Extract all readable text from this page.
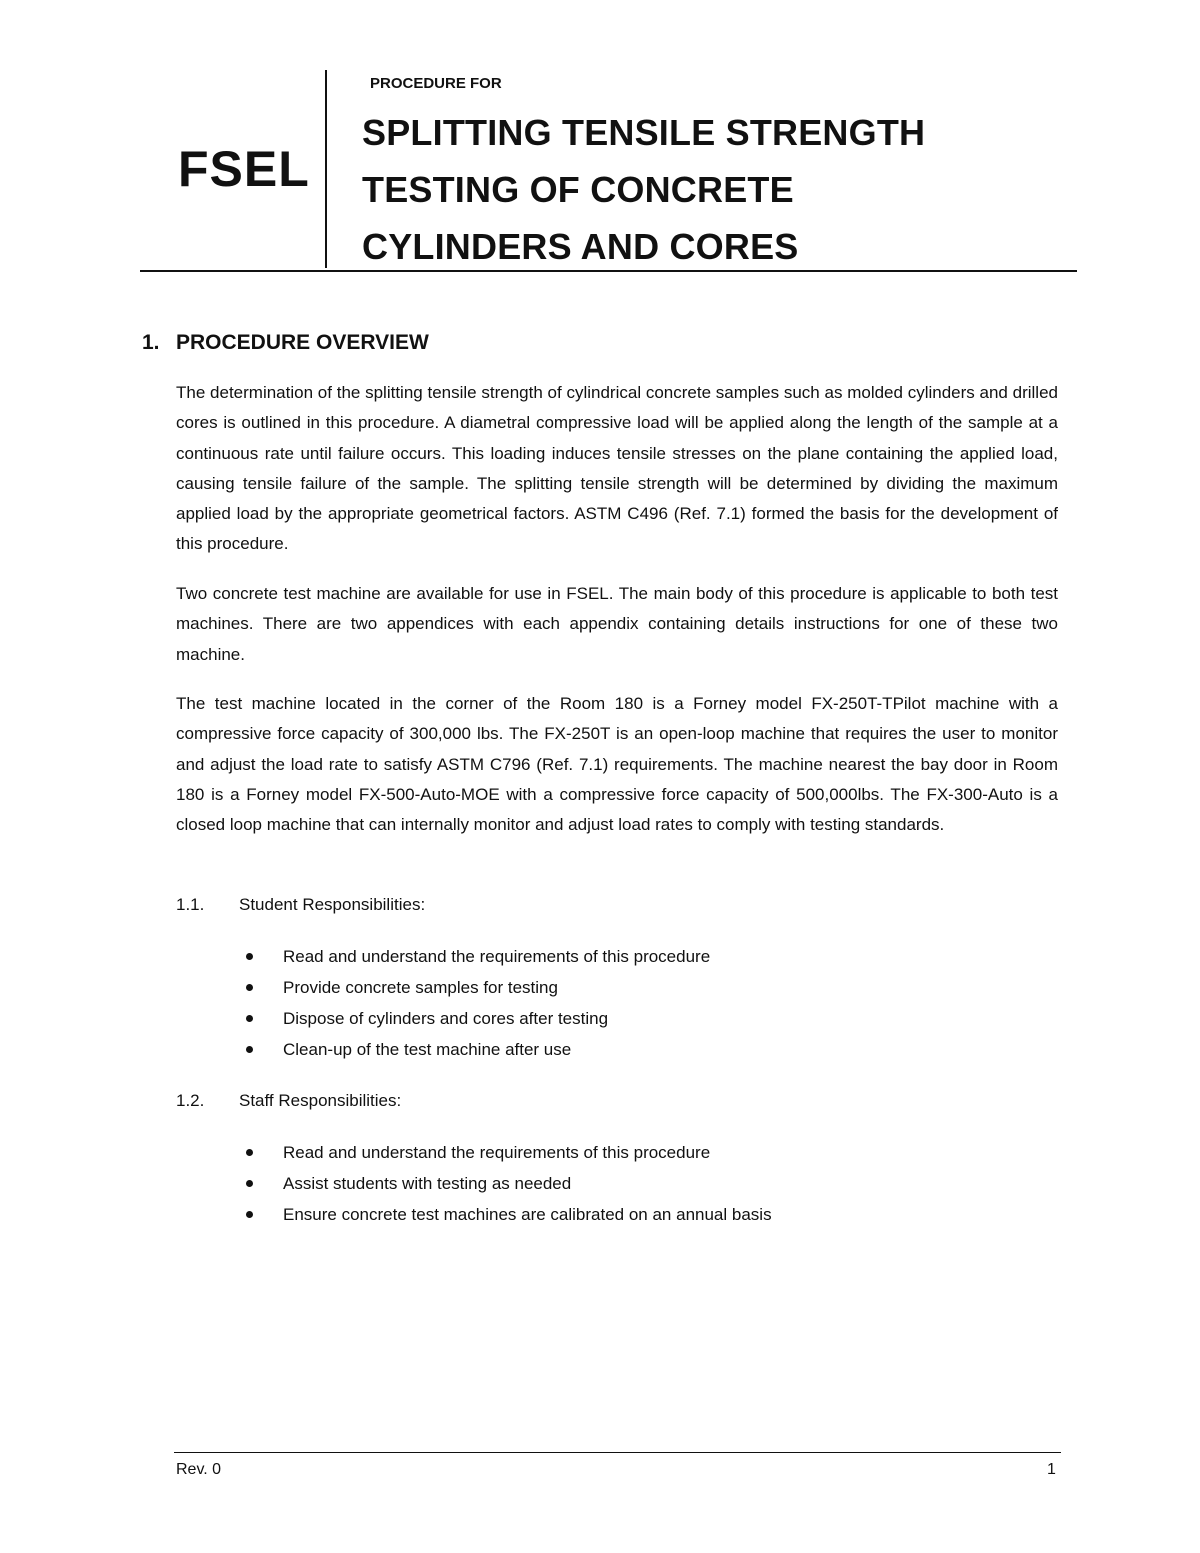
FSEL

PROCEDURE FOR

SPLITTING TENSILE STRENGTH
TESTING OF CONCRETE
CYLINDERS AND CORES
1. PROCEDURE OVERVIEW

The determination of the splitting tensile strength of cylindrical concrete samples such as molded cylinders and drilled cores is outlined in this procedure. A diametral compressive load will be applied along the length of the sample at a continuous rate until failure occurs. This loading induces tensile stresses on the plane containing the applied load, causing tensile failure of the sample. The splitting tensile strength will be determined by dividing the maximum applied load by the appropriate geometrical factors. ASTM C496 (Ref. 7.1) formed the basis for the development of this procedure.

Two concrete test machine are available for use in FSEL. The main body of this procedure is applicable to both test machines. There are two appendices with each appendix containing details instructions for one of these two machine.

The test machine located in the corner of the Room 180 is a Forney model FX-250T-TPilot machine with a compressive force capacity of 300,000 lbs. The FX-250T is an open-loop machine that requires the user to monitor and adjust the load rate to satisfy ASTM C796 (Ref. 7.1) requirements. The machine nearest the bay door in Room 180 is a Forney model FX-500-Auto-MOE with a compressive force capacity of 500,000lbs. The FX-300-Auto is a closed loop machine that can internally monitor and adjust load rates to comply with testing standards.

1.1. Student Responsibilities:
Read and understand the requirements of this procedure
Provide concrete samples for testing
Dispose of cylinders and cores after testing
Clean-up of the test machine after use
1.2. Staff Responsibilities:
Read and understand the requirements of this procedure
Assist students with testing as needed
Ensure concrete test machines are calibrated on an annual basis

Rev. 0	1
